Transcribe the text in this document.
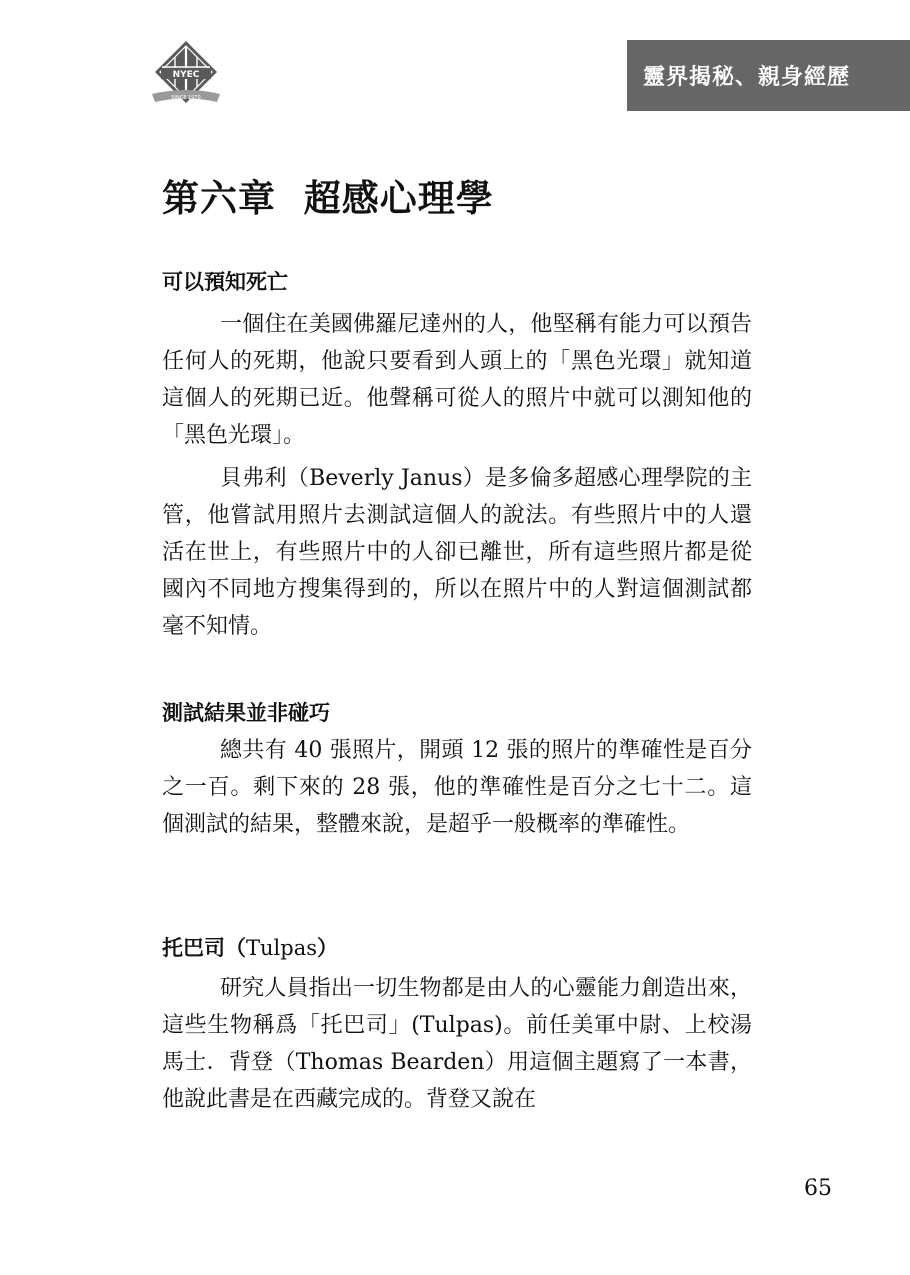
NYEC
SINCE 1970
靈界揭秘、親身經歷
第六章  超感心理學
可以預知死亡

一個住在美國佛羅尼達州的人，他堅稱有能力可以預告任何人的死期，他說只要看到人頭上的「黑色光環」就知道這個人的死期已近。他聲稱可從人的照片中就可以測知他的「黑色光環」。

貝弗利（Beverly Janus）是多倫多超感心理學院的主管，他嘗試用照片去測試這個人的說法。有些照片中的人還活在世上，有些照片中的人卻已離世，所有這些照片都是從國內不同地方搜集得到的，所以在照片中的人對這個測試都毫不知情。

測試結果並非碰巧

總共有 40 張照片，開頭 12 張的照片的準確性是百分之一百。剩下來的 28 張，他的準確性是百分之七十二。這個測試的結果，整體來說，是超乎一般概率的準確性。

托巴司（Tulpas）

研究人員指出一切生物都是由人的心靈能力創造出來，這些生物稱爲「托巴司」(Tulpas)。前任美軍中尉、上校湯馬士．背登（Thomas Bearden）用這個主題寫了一本書，他說此書是在西藏完成的。背登又說在

65
